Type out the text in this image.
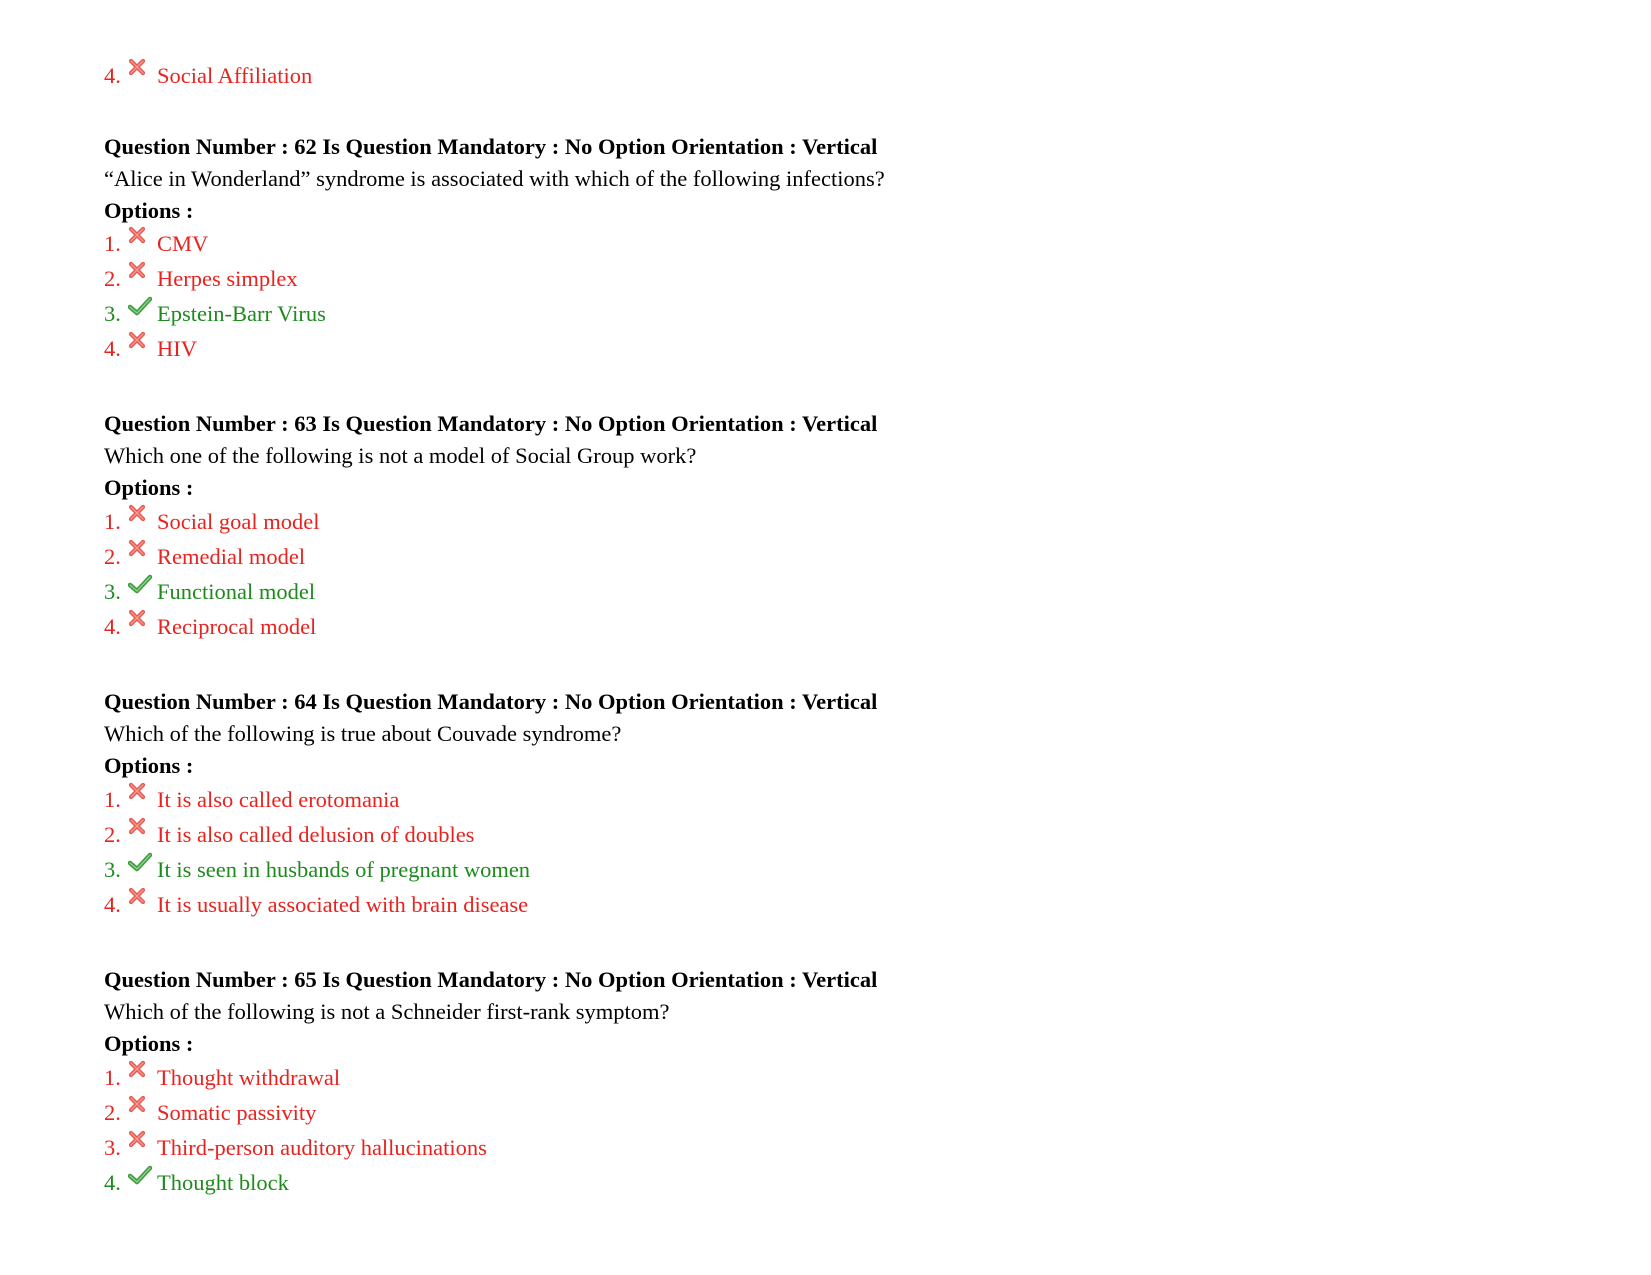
4.	Social Affiliation
Question Number : 62 Is Question Mandatory : No Option Orientation : Vertical
“Alice in Wonderland” syndrome is associated with which of the following infections?
Options :
1.	CMV
2.	Herpes simplex
3.	Epstein-Barr Virus
4.	HIV
Question Number : 63 Is Question Mandatory : No Option Orientation : Vertical
Which one of the following is not a model of Social Group work?
Options :
1.	Social goal model
2.	Remedial model
3.	Functional model
4.	Reciprocal model
Question Number : 64 Is Question Mandatory : No Option Orientation : Vertical
Which of the following is true about Couvade syndrome?
Options :
1.	It is also called erotomania
2.	It is also called delusion of doubles
3.	It is seen in husbands of pregnant women
4.	It is usually associated with brain disease
Question Number : 65 Is Question Mandatory : No Option Orientation : Vertical
Which of the following is not a Schneider first-rank symptom?
Options :
1.	Thought withdrawal
2.	Somatic passivity
3.	Third-person auditory hallucinations
4.	Thought block
